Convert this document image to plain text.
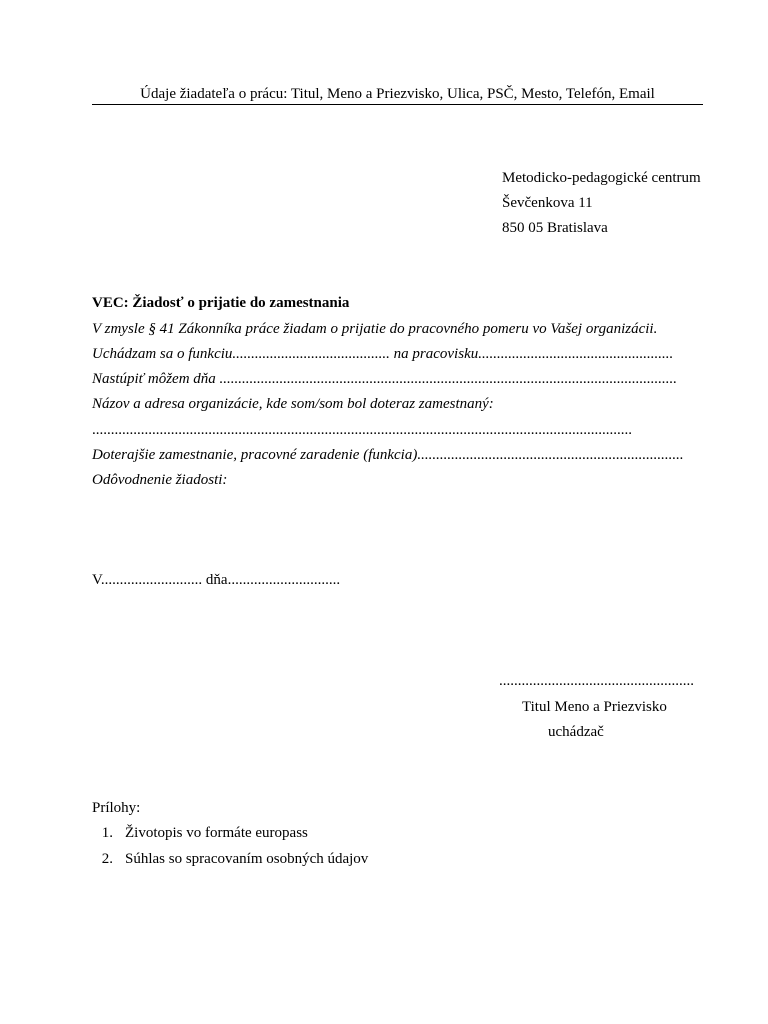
Údaje žiadateľa o prácu: Titul, Meno a Priezvisko, Ulica, PSČ, Mesto, Telefón, Email
Metodicko-pedagogické centrum
Ševčenkova 11
850 05 Bratislava
VEC: Žiadosť o prijatie do zamestnania
V zmysle § 41 Zákonníka práce žiadam o prijatie do pracovného pomeru vo Vašej organizácii.
Uchádzam sa o funkciu.......................................... na pracovisku....................................................
Nastúpiť môžem dňa ..........................................................................................................................
Názov a adresa organizácie, kde som/som bol doteraz zamestnaný:
................................................................................................................................................
Doterajšie zamestnanie, pracovné zaradenie (funkcia).......................................................................
Odôvodnenie žiadosti:
V........................... dňa..............................
....................................................
Titul Meno a Priezvisko
uchádzač
Prílohy:
1. Životopis vo formáte europass
2. Súhlas so spracovaním osobných údajov
